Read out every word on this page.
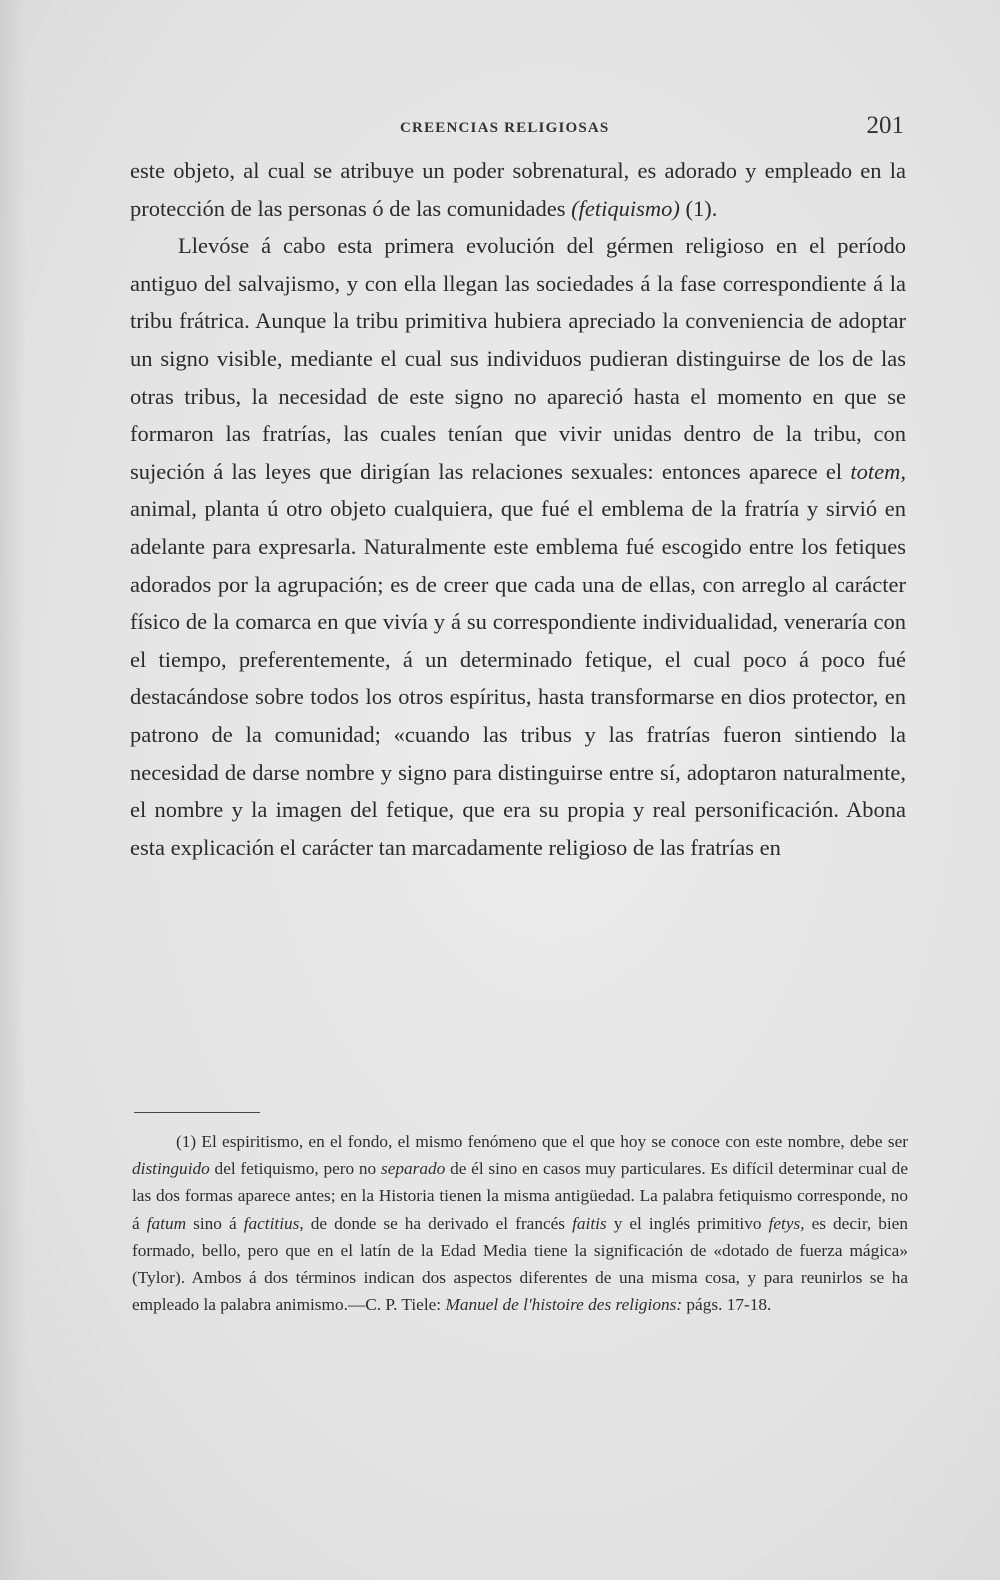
CREENCIAS RELIGIOSAS	201

este objeto, al cual se atribuye un poder sobrenatural, es adorado y empleado en la protección de las personas ó de las comunidades (fetiquismo) (1).

Llevóse á cabo esta primera evolución del gérmen religioso en el período antiguo del salvajismo, y con ella llegan las sociedades á la fase correspondiente á la tribu frátrica. Aunque la tribu primitiva hubiera apreciado la conveniencia de adoptar un signo visible, mediante el cual sus individuos pudieran distinguirse de los de las otras tribus, la necesidad de este signo no apareció hasta el momento en que se formaron las fratrías, las cuales tenían que vivir unidas dentro de la tribu, con sujeción á las leyes que dirigían las relaciones sexuales: entonces aparece el totem, animal, planta ú otro objeto cualquiera, que fué el emblema de la fratría y sirvió en adelante para expresarla. Naturalmente este emblema fué escogido entre los fetiques adorados por la agrupación; es de creer que cada una de ellas, con arreglo al carácter físico de la comarca en que vivía y á su correspondiente individualidad, veneraría con el tiempo, preferentemente, á un determinado fetique, el cual poco á poco fué destacándose sobre todos los otros espíritus, hasta transformarse en dios protector, en patrono de la comunidad; «cuando las tribus y las fratrías fueron sintiendo la necesidad de darse nombre y signo para distinguirse entre sí, adoptaron naturalmente, el nombre y la imagen del fetique, que era su propia y real personificación. Abona esta explicación el carácter tan marcadamente religioso de las fratrías en

(1) El espiritismo, en el fondo, el mismo fenómeno que el que hoy se conoce con este nombre, debe ser distinguido del fetiquismo, pero no separado de él sino en casos muy particulares. Es difícil determinar cual de las dos formas aparece antes; en la Historia tienen la misma antigüedad. La palabra fetiquismo corresponde, no á fatum sino á factitius, de donde se ha derivado el francés faitis y el inglés primitivo fetys, es decir, bien formado, bello, pero que en el latín de la Edad Media tiene la significación de «dotado de fuerza mágica» (Tylor). Ambos á dos términos indican dos aspectos diferentes de una misma cosa, y para reunirlos se ha empleado la palabra animismo.—C. P. Tiele: Manuel de l'histoire des religions: págs. 17-18.
